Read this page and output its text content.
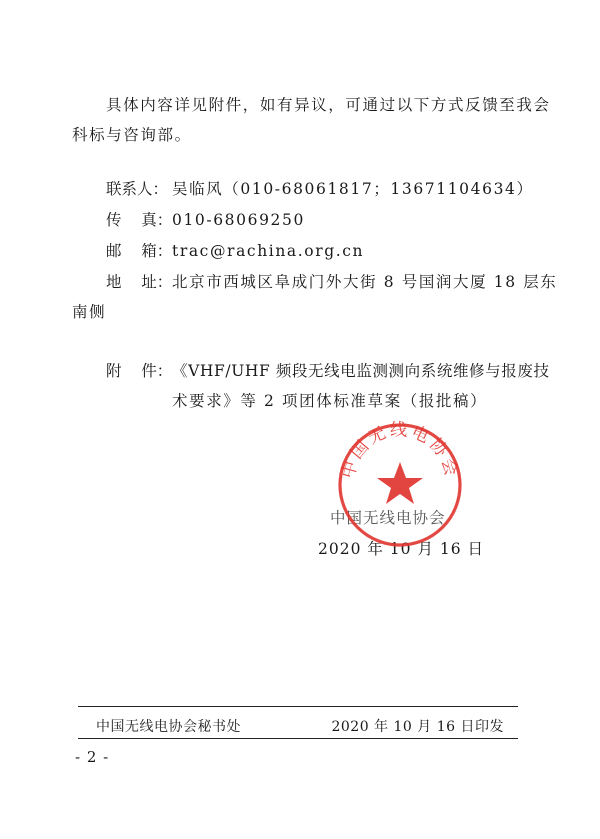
具体内容详见附件，如有异议，可通过以下方式反馈至我会
科标与咨询部。
联系人： 吴临风（010-68061817；13671104634）
传    真：010-68069250
邮    箱：trac@rachina.org.cn
地    址：北京市西城区阜成门外大街 8 号国润大厦 18 层东
南侧
附    件：《VHF/UHF 频段无线电监测测向系统维修与报废技
术要求》等 2 项团体标准草案（报批稿）
中国无线电协会
2020 年 10 月 16 日
中国无线电协会
中国无线电协会秘书处	2020 年 10 月 16 日印发
- 2 -
